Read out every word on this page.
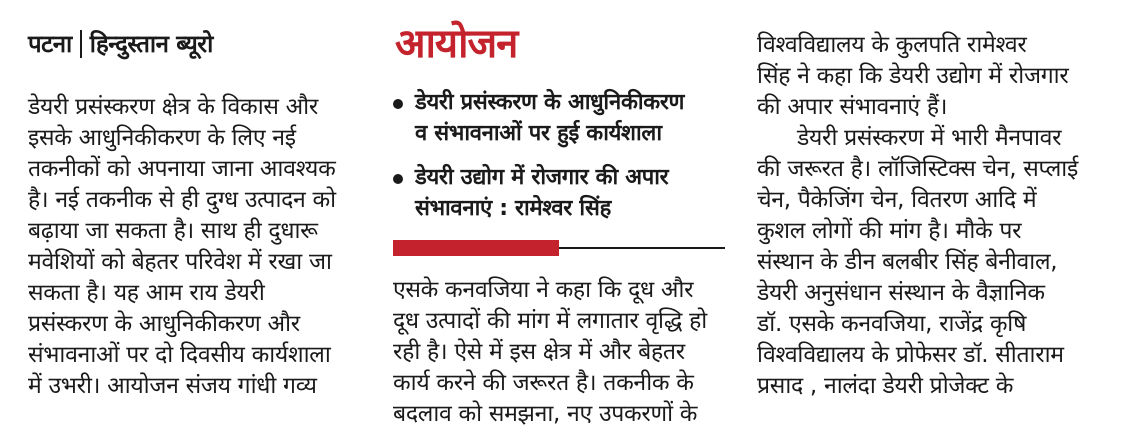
पटना हिन्दुस्तान ब्यूरो
डेयरी प्रसंस्करण क्षेत्र के विकास और
इसके आधुनिकीकरण के लिए नई
तकनीकों को अपनाया जाना आवश्यक
है। नई तकनीक से ही दुग्ध उत्पादन को
बढ़ाया जा सकता है। साथ ही दुधारू
मवेशियों को बेहतर परिवेश में रखा जा
सकता है। यह आम राय डेयरी
प्रसंस्करण के आधुनिकीकरण और
संभावनाओं पर दो दिवसीय कार्यशाला
में उभरी। आयोजन संजय गांधी गव्य
आयोजन
डेयरी प्रसंस्करण के आधुनिकीकरण
व संभावनाओं पर हुई कार्यशाला
डेयरी उद्योग में रोजगार की अपार
संभावनाएं : रामेश्वर सिंह
एसके कनवजिया ने कहा कि दूध और
दूध उत्पादों की मांग में लगातार वृद्धि हो
रही है। ऐसे में इस क्षेत्र में और बेहतर
कार्य करने की जरूरत है। तकनीक के
बदलाव को समझना, नए उपकरणों के
विश्वविद्यालय के कुलपति रामेश्वर
सिंह ने कहा कि डेयरी उद्योग में रोजगार
की अपार संभावनाएं हैं।
डेयरी प्रसंस्करण में भारी मैनपावर
की जरूरत है। लॉजिस्टिक्स चेन, सप्लाई
चेन, पैकेजिंग चेन, वितरण आदि में
कुशल लोगों की मांग है। मौके पर
संस्थान के डीन बलबीर सिंह बेनीवाल,
डेयरी अनुसंधान संस्थान के वैज्ञानिक
डॉ. एसके कनवजिया, राजेंद्र कृषि
विश्वविद्यालय के प्रोफेसर डॉ. सीताराम
प्रसाद , नालंदा डेयरी प्रोजेक्ट के
